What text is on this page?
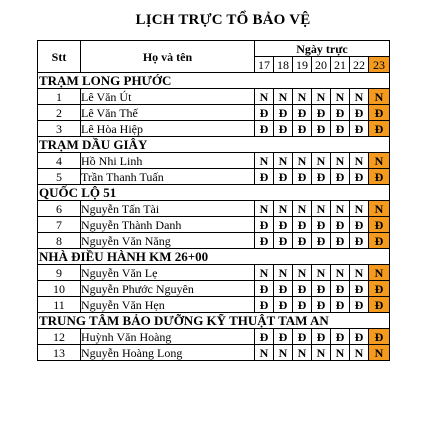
LỊCH TRỰC TỔ BẢO VỆ
Stt	Họ và tên	Ngày trực						
		17	18	19	20	21	22	23
TRẠM LONG PHƯỚC								
1	Lê Văn Út	N	N	N	N	N	N	N
2	Lê Văn Thế	Đ	Đ	Đ	Đ	Đ	Đ	Đ
3	Lê Hòa Hiệp	Đ	Đ	Đ	Đ	Đ	Đ	Đ
TRẠM DẦU GIÂY								
4	Hồ Nhi Linh	N	N	N	N	N	N	N
5	Trần Thanh Tuấn	Đ	Đ	Đ	Đ	Đ	Đ	Đ
QUỐC LỘ 51								
6	Nguyễn Tấn Tài	N	N	N	N	N	N	N
7	Nguyễn Thành Danh	Đ	Đ	Đ	Đ	Đ	Đ	Đ
8	Nguyễn Văn Năng	Đ	Đ	Đ	Đ	Đ	Đ	Đ
NHÀ ĐIỀU HÀNH KM 26+00								
9	Nguyễn Văn Lẹ	N	N	N	N	N	N	N
10	Nguyễn Phước Nguyên	Đ	Đ	Đ	Đ	Đ	Đ	Đ
11	Nguyễn Văn Hẹn	Đ	Đ	Đ	Đ	Đ	Đ	Đ
TRUNG TÂM BẢO DƯỠNG KỸ THUẬT TAM AN								
12	Huỳnh Văn Hoàng	Đ	Đ	Đ	Đ	Đ	Đ	Đ
13	Nguyễn Hoàng Long	N	N	N	N	N	N	N
